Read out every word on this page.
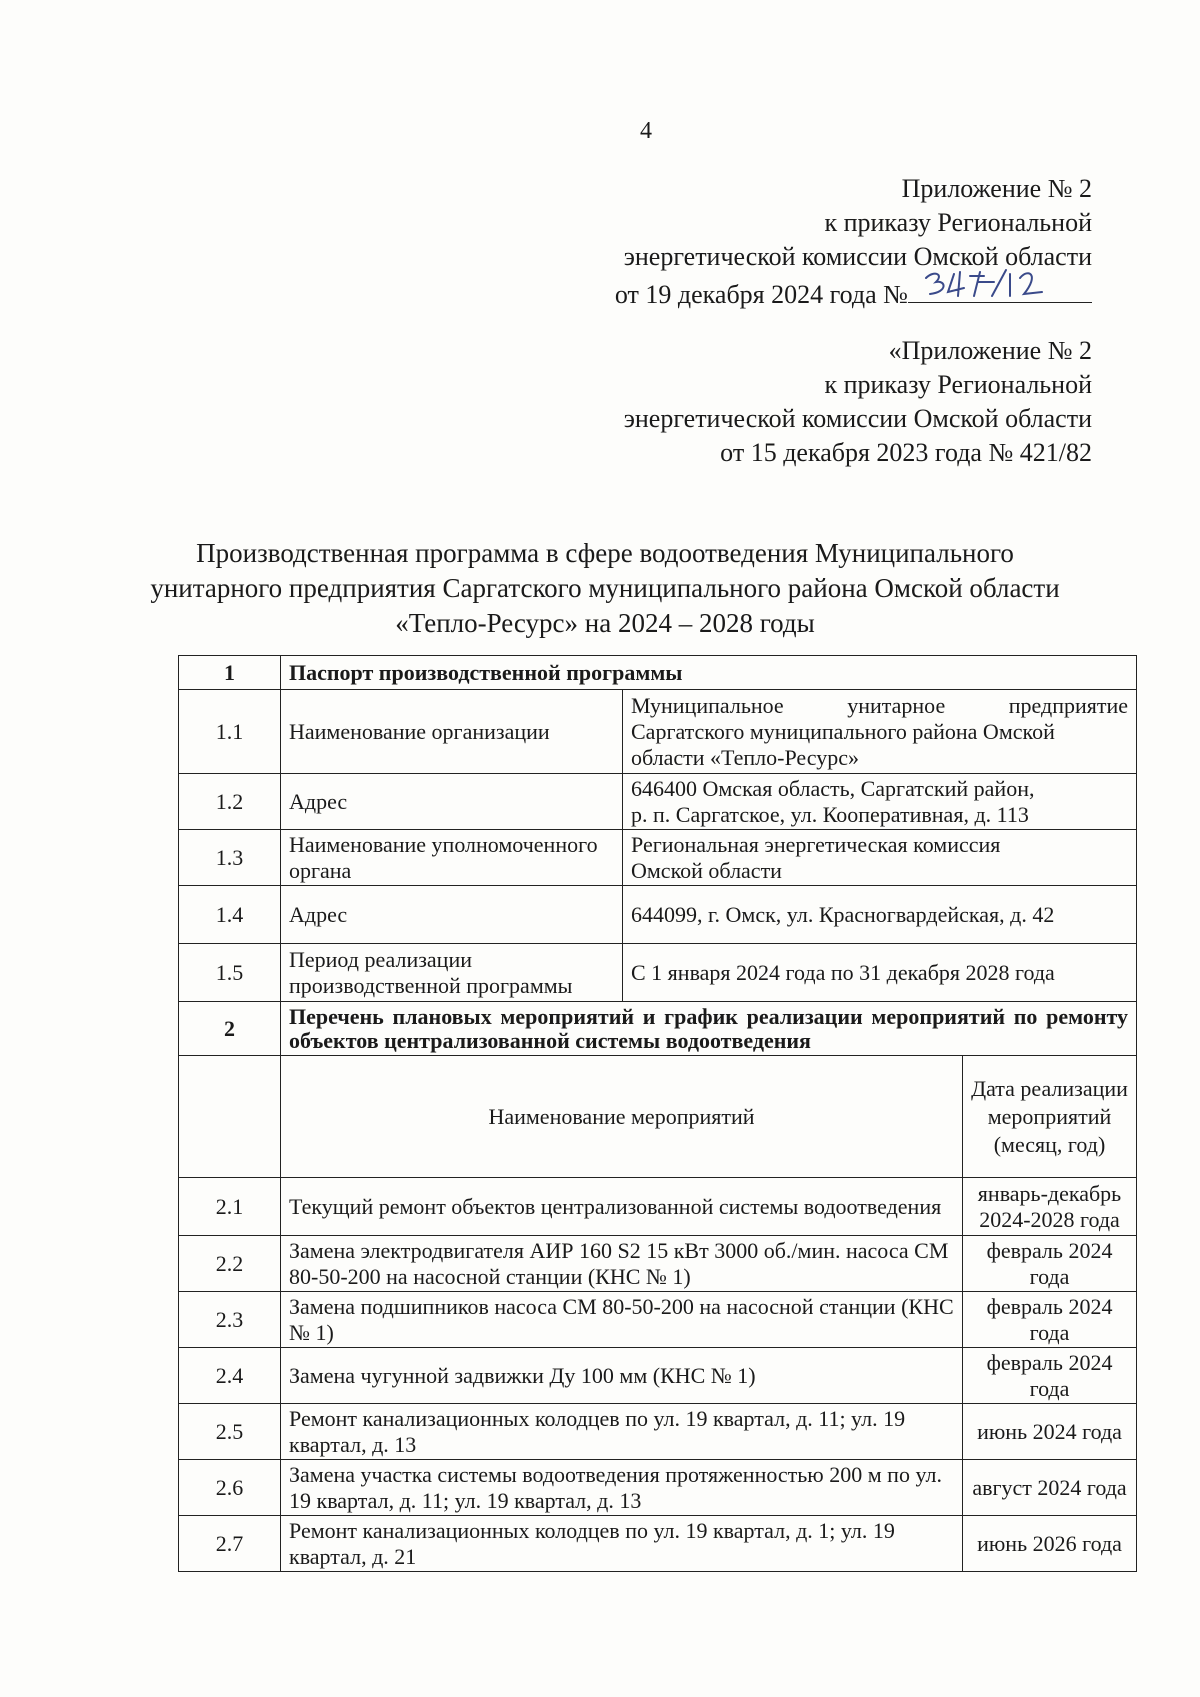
4
Приложение № 2
к приказу Региональной
энергетической комиссии Омской области
от 19 декабря 2024 года №
«Приложение № 2
к приказу Региональной
энергетической комиссии Омской области
от 15 декабря 2023 года № 421/82
Производственная программа в сфере водоотведения Муниципального
унитарного предприятия Саргатского муниципального района Омской области
«Тепло-Ресурс» на 2024 – 2028 годы
1	Паспорт производственной программы		
1.1	Наименование организации	Муниципальное унитарное предприятие Саргатского муниципального района Омской
области «Тепло-Ресурс»	

1.2	Адрес	646400 Омская область, Саргатский район,
р. п. Саргатское, ул. Кооперативная, д. 113	

1.3	Наименование уполномоченного органа	Региональная энергетическая комиссия
Омской области	

1.4	Адрес	644099, г. Омск, ул. Красногвардейская, д. 42	
1.5	Период реализации производственной программы	С 1 января 2024 года по 31 декабря 2028 года	
2	Перечень плановых мероприятий и график реализации мероприятий по ремонту объектов централизованной системы водоотведения		
	Наименование мероприятий		Дата реализации мероприятий (месяц, год)
2.1	Текущий ремонт объектов централизованной системы водоотведения		январь-декабрь 2024-2028 года
2.2	Замена электродвигателя АИР 160 S2 15 кВт 3000 об./мин. насоса СМ 80-50-200 на насосной станции (КНС № 1)		февраль 2024 года
2.3	Замена подшипников насоса СМ 80-50-200 на насосной станции (КНС № 1)		февраль 2024 года
2.4	Замена чугунной задвижки Ду 100 мм (КНС № 1)		февраль 2024 года
2.5	Ремонт канализационных колодцев по ул. 19 квартал, д. 11; ул. 19 квартал, д. 13		июнь 2024 года
2.6	Замена участка системы водоотведения протяженностью 200 м по ул. 19 квартал, д. 11; ул. 19 квартал, д. 13		август 2024 года
2.7	Ремонт канализационных колодцев по ул. 19 квартал, д. 1; ул. 19 квартал, д. 21		июнь 2026 года
